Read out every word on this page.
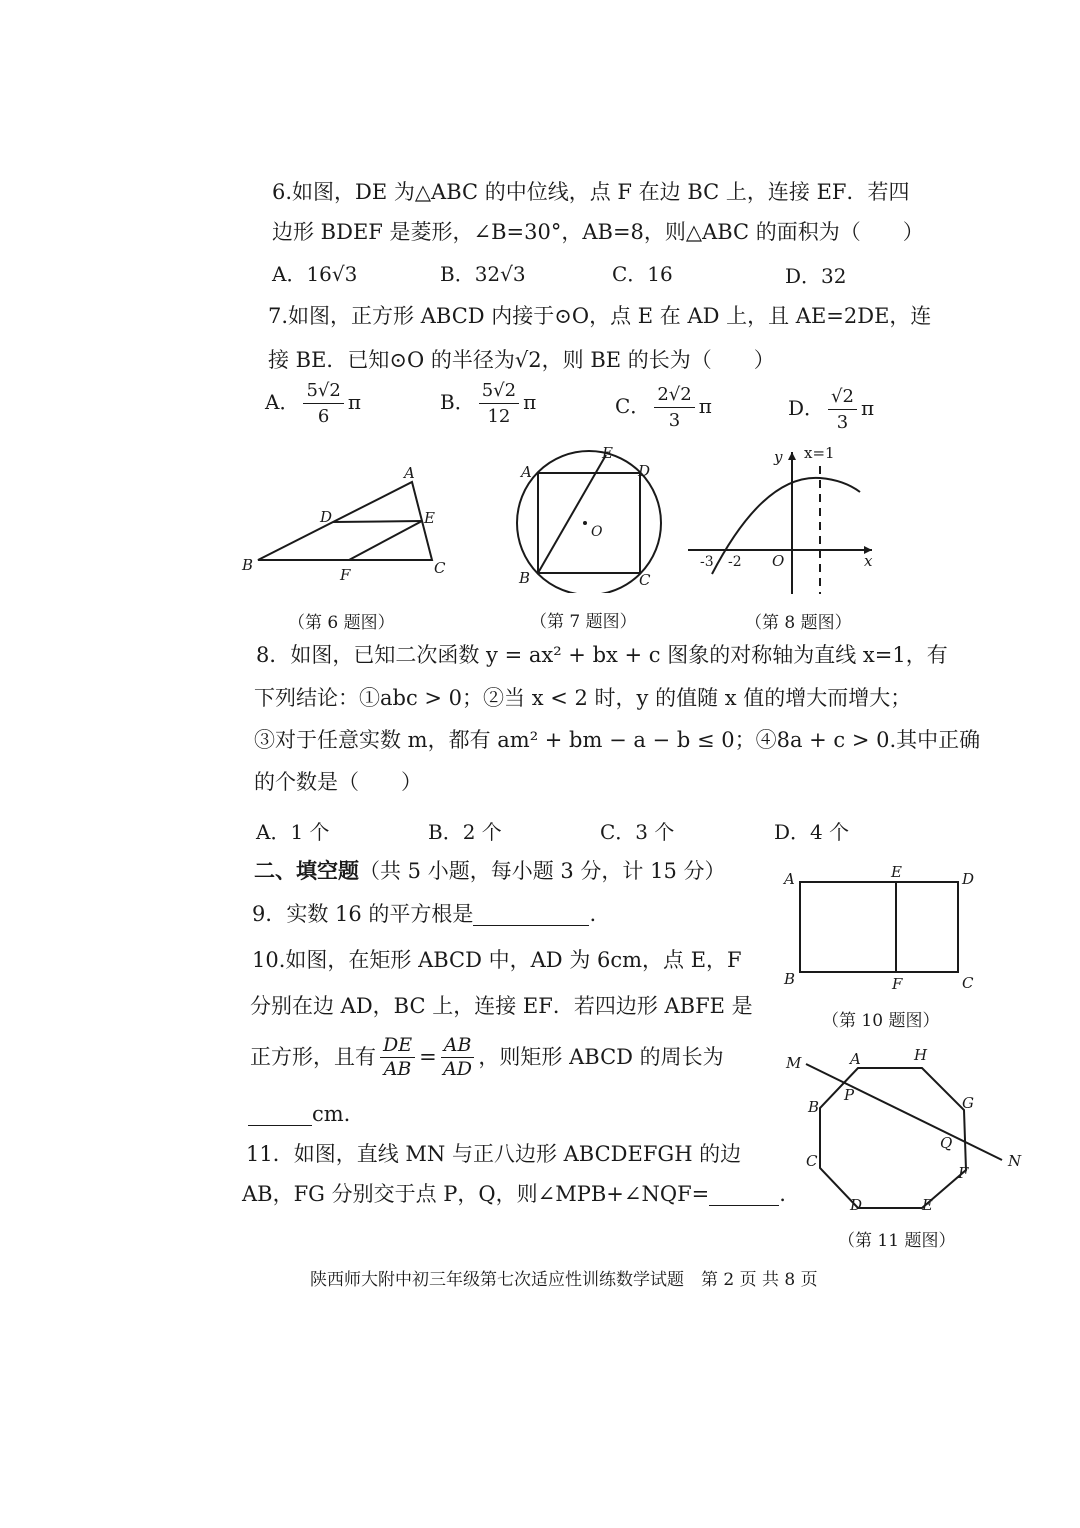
6.如图，DE 为△ABC 的中位线，点 F 在边 BC 上，连接 EF．若四
边形 BDEF 是菱形，∠B=30°，AB=8，则△ABC 的面积为（　　）
A．16√3	B．32√3	C．16	D．32
7.如图，正方形 ABCD 内接于⊙O，点 E 在 AD 上，且 AE=2DE，连
接 BE．已知⊙O 的半径为√2，则 BE 的长为（　　）
A． $\frac{5√2}{6}$ π	B． $\frac{5√2}{12}$ π	C． $\frac{2√2}{3}$ π	D． $\frac{√2}{3}$ π
A
B	C
D	E
F
（第 6 题图）
A
B	C
D
E
O
（第 7 题图）
y x=1
x
O
-3 -2
（第 8 题图）
8．如图，已知二次函数 y = ax² + bx + c 图象的对称轴为直线 x=1，有
下列结论：①abc > 0；②当 x < 2 时，y 的值随 x 值的增大而增大；
③对于任意实数 m，都有 am² + bm − a − b ≤ 0；④8a + c > 0.其中正确
的个数是（　　）
A．1 个	B．2 个	C．3 个	D．4 个
二、填空题（共 5 小题，每小题 3 分，计 15 分）
9．实数 16 的平方根是	.
10.如图，在矩形 ABCD 中，AD 为 6cm，点 E，F
分别在边 AD，BC 上，连接 EF．若四边形 ABFE 是
正方形，且有 $\frac{DE}{AB} = \frac{AB}{AD}$ ，则矩形 ABCD 的周长为
cm.
A	D
E
B	C
F
（第 10 题图）
11．如图，直线 MN 与正八边形 ABCDEFGH 的边
AB，FG 分别交于点 P，Q，则∠MPB+∠NQF=	.
M
N
A	H
G
F
E
D
C
B
P
Q
（第 11 题图）
陕西师大附中初三年级第七次适应性训练数学试题　第 2 页 共 8 页
